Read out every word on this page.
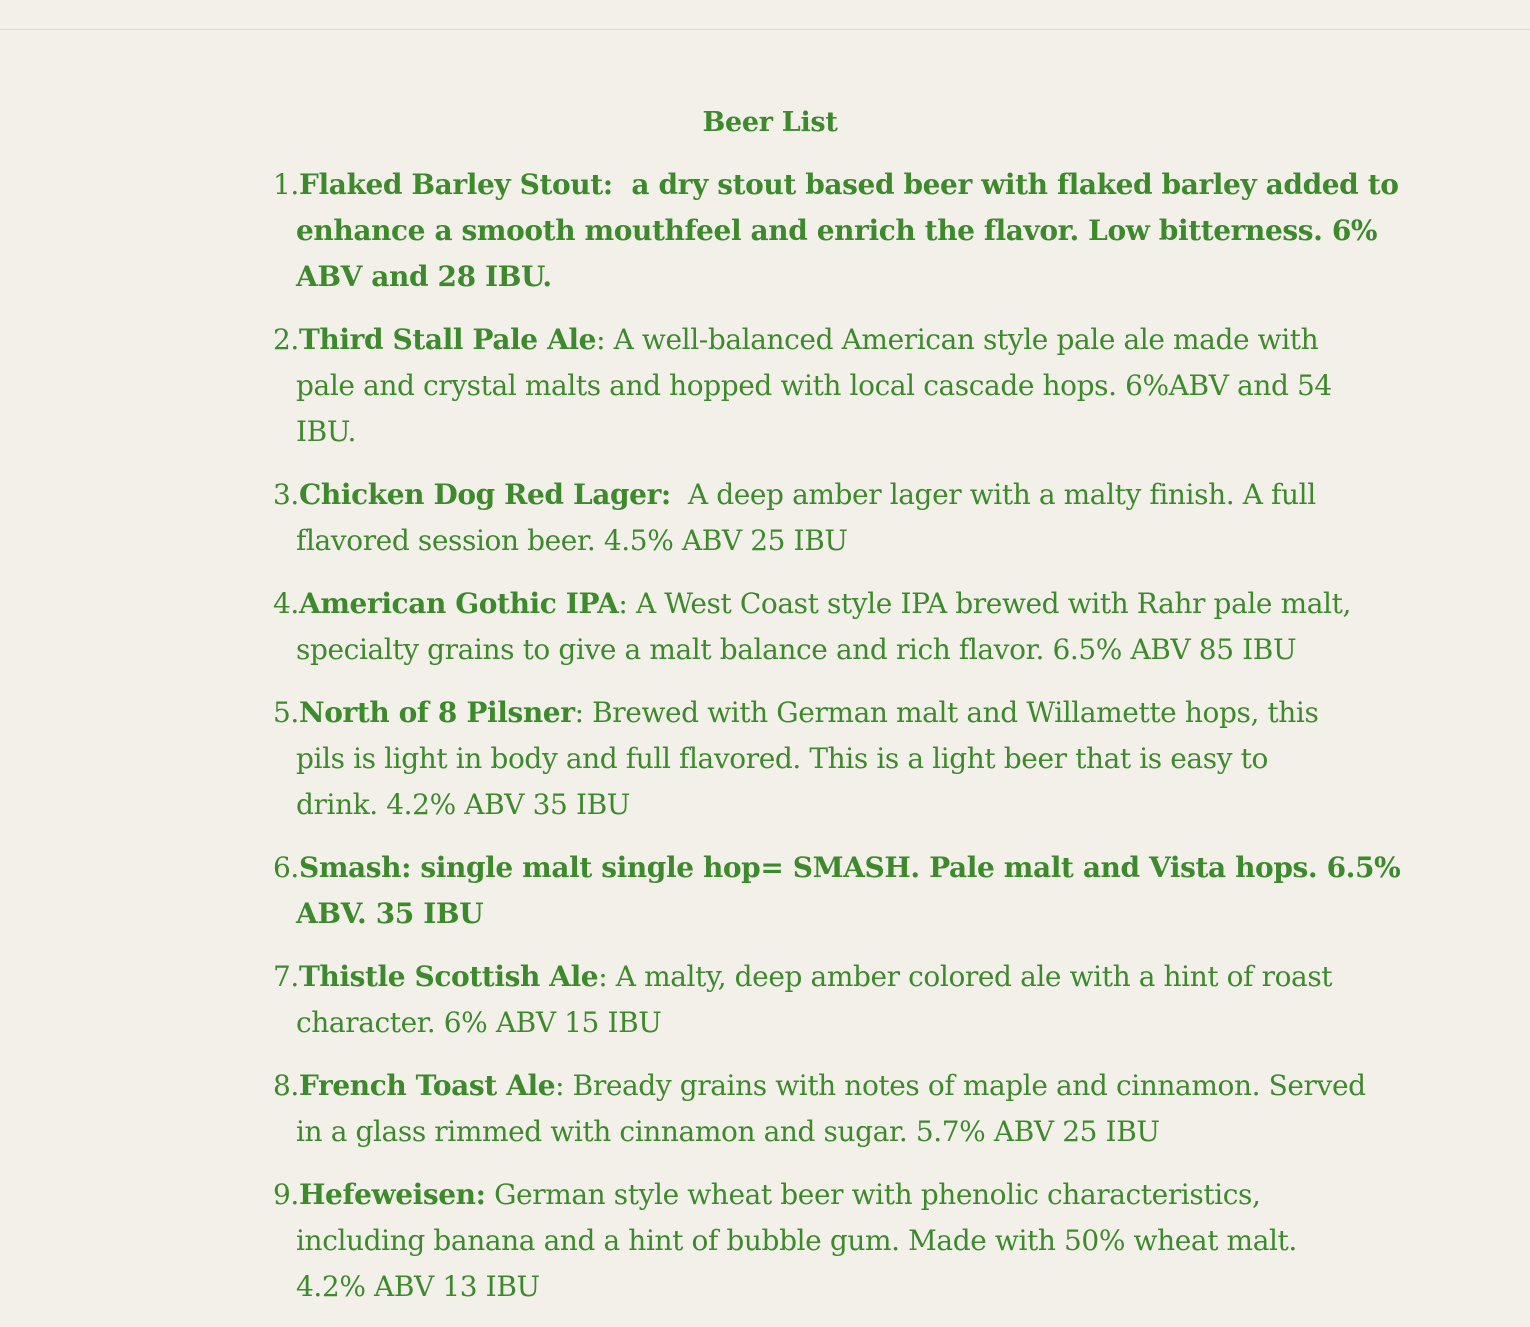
Beer List
1. Flaked Barley Stout: a dry stout based beer with flaked barley added to
enhance a smooth mouthfeel and enrich the flavor. Low bitterness. 6%
ABV and 28 IBU.
2. Third Stall Pale Ale: A well-balanced American style pale ale made with
pale and crystal malts and hopped with local cascade hops. 6%ABV and 54
IBU.
3. Chicken Dog Red Lager: A deep amber lager with a malty finish. A full
flavored session beer. 4.5% ABV 25 IBU
4. American Gothic IPA: A West Coast style IPA brewed with Rahr pale malt,
specialty grains to give a malt balance and rich flavor. 6.5% ABV 85 IBU
5. North of 8 Pilsner: Brewed with German malt and Willamette hops, this
pils is light in body and full flavored. This is a light beer that is easy to
drink. 4.2% ABV 35 IBU
6. Smash: single malt single hop= SMASH. Pale malt and Vista hops. 6.5%
ABV. 35 IBU
7. Thistle Scottish Ale: A malty, deep amber colored ale with a hint of roast
character. 6% ABV 15 IBU
8. French Toast Ale: Bready grains with notes of maple and cinnamon. Served
in a glass rimmed with cinnamon and sugar. 5.7% ABV 25 IBU
9. Hefeweisen: German style wheat beer with phenolic characteristics,
including banana and a hint of bubble gum. Made with 50% wheat malt.
4.2% ABV 13 IBU
